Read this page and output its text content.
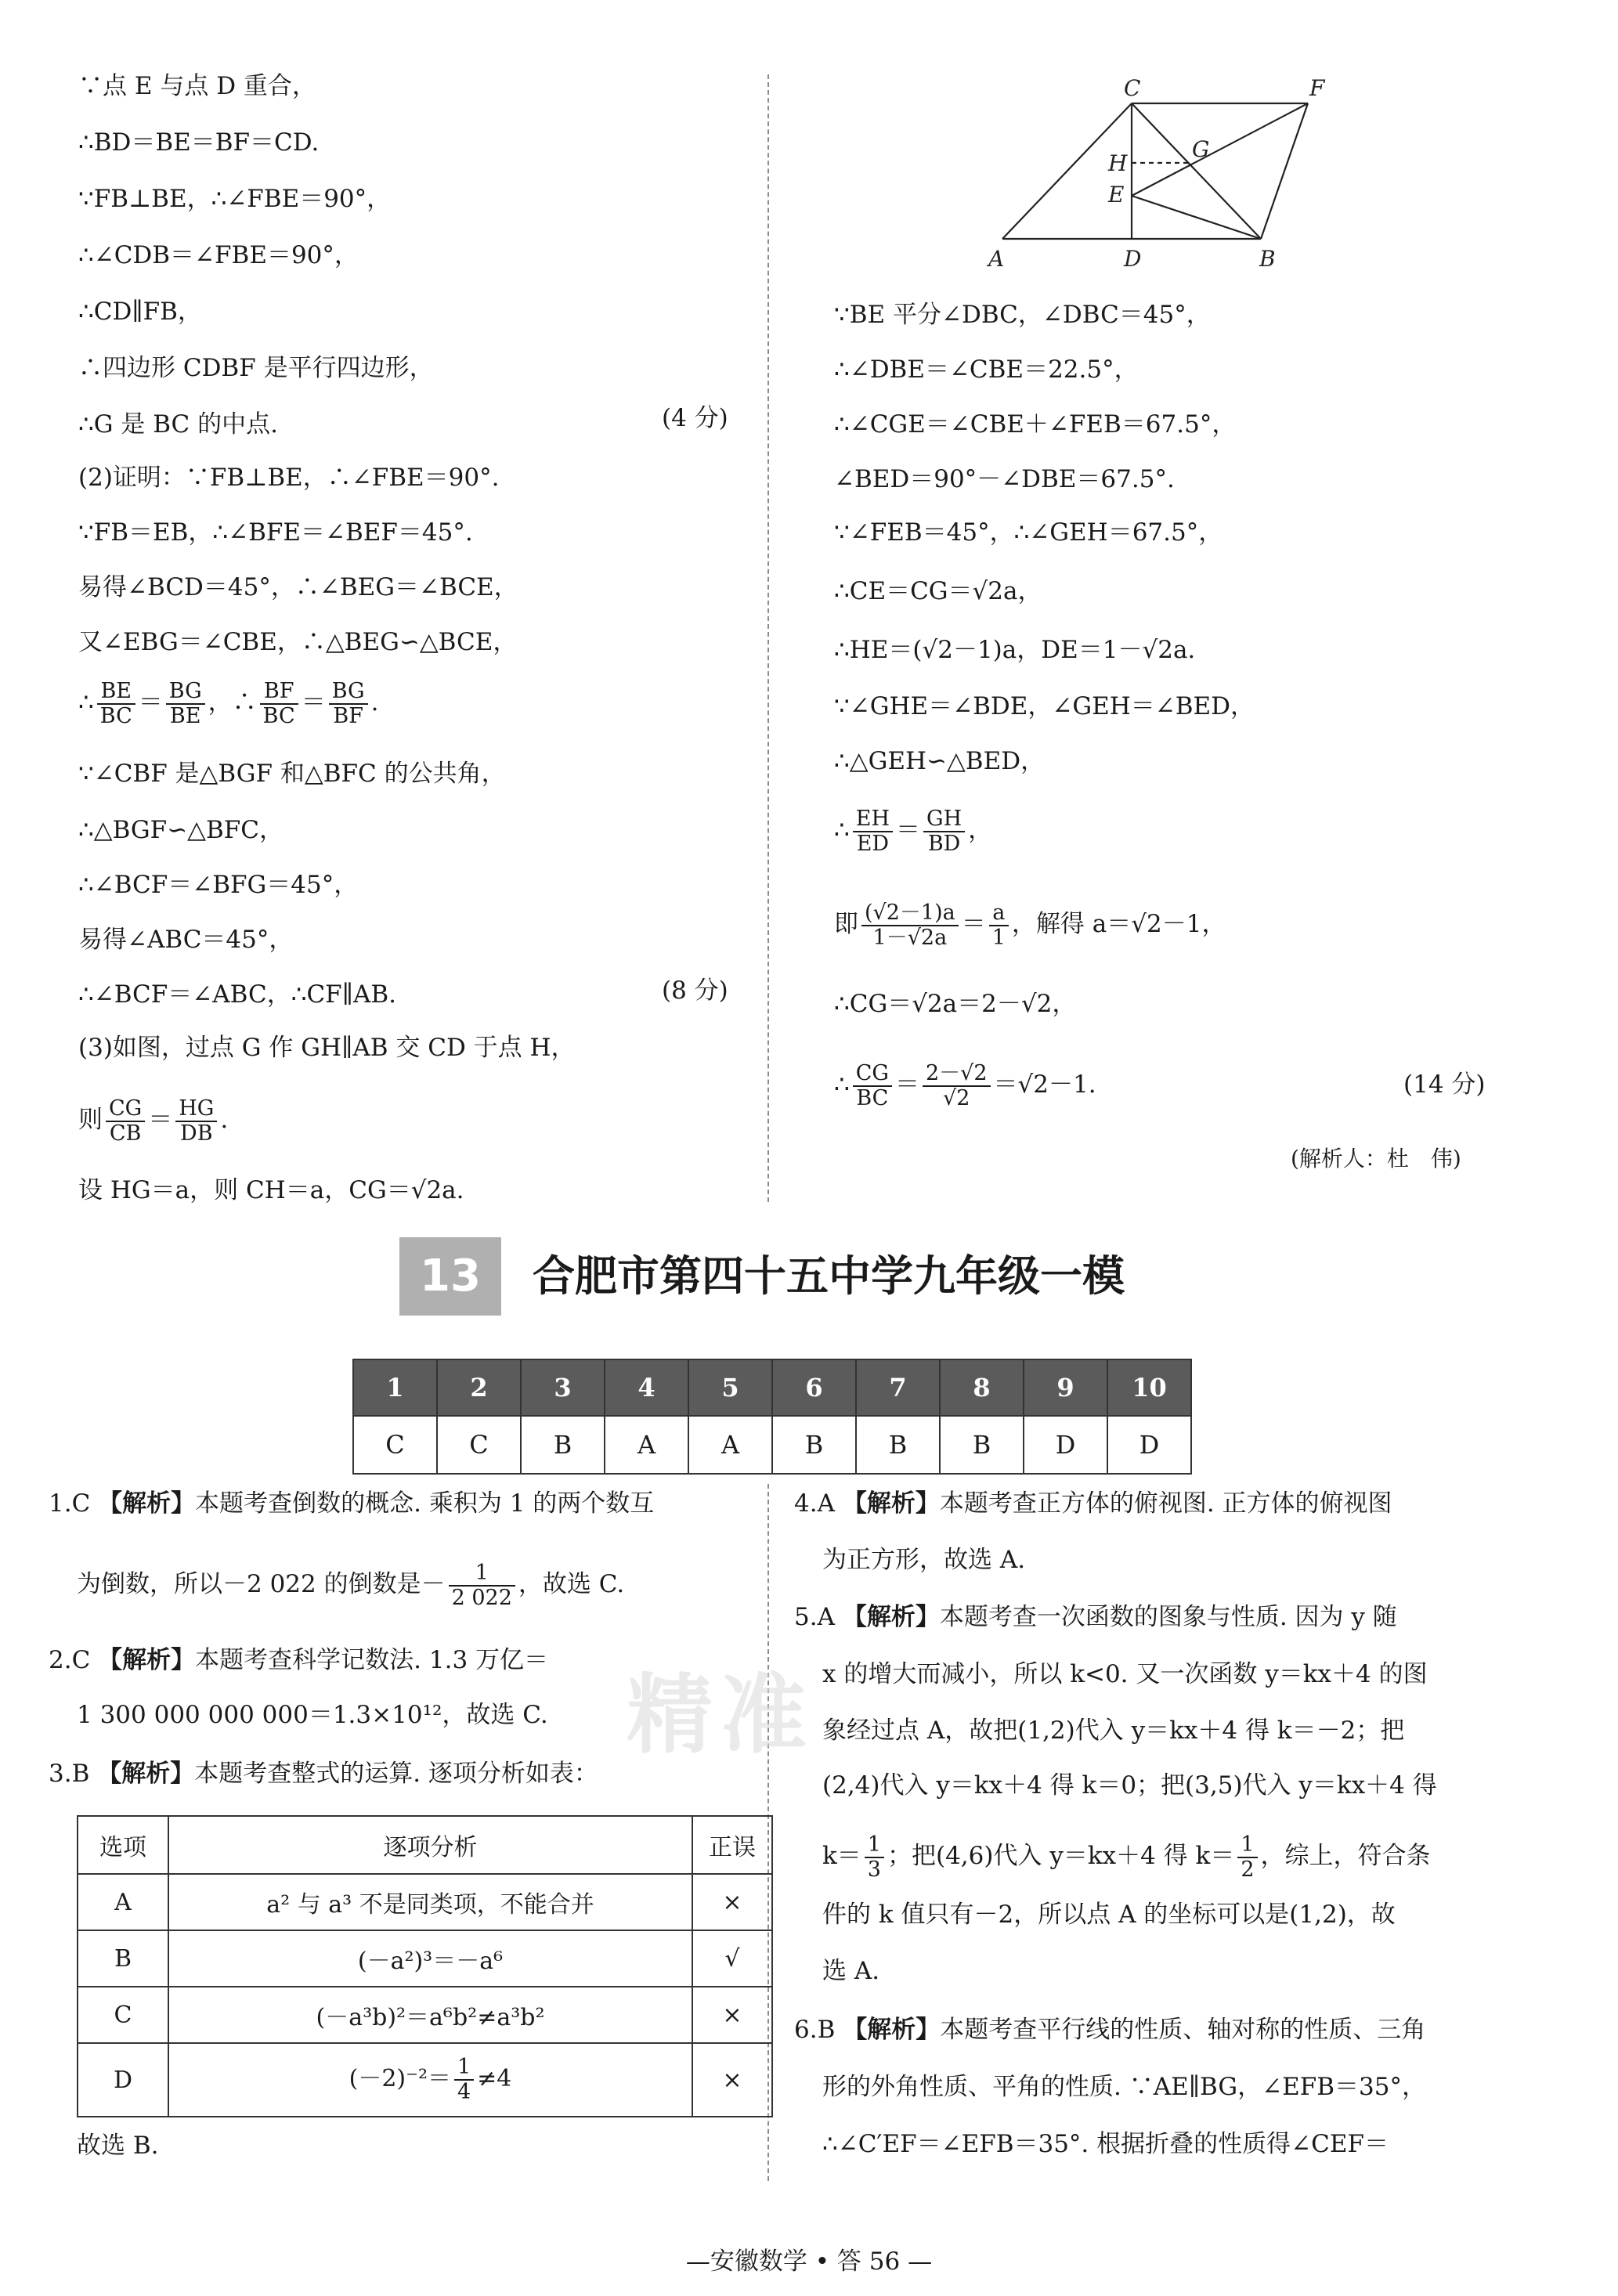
∵点 E 与点 D 重合，
∴BD＝BE＝BF＝CD.
∵FB⊥BE，∴∠FBE＝90°，
∴∠CDB＝∠FBE＝90°，
∴CD∥FB，
∴四边形 CDBF 是平行四边形，
∴G 是 BC 的中点.	(4 分)
(2)证明：∵FB⊥BE，∴∠FBE＝90°.
∵FB＝EB，∴∠BFE＝∠BEF＝45°.
易得∠BCD＝45°，∴∠BEG＝∠BCE，
又∠EBG＝∠CBE，∴△BEG∽△BCE，
∴ $\frac{BE}{BC} = \frac{BG}{BE}$ ，∴ $\frac{BF}{BC} = \frac{BG}{BF}$ .
∵∠CBF 是△BGF 和△BFC 的公共角，
∴△BGF∽△BFC，
∴∠BCF＝∠BFG＝45°，
易得∠ABC＝45°，
∴∠BCF＝∠ABC，∴CF∥AB.	(8 分)
(3)如图，过点 G 作 GH∥AB 交 CD 于点 H，
则 $\frac{CG}{CB} = \frac{HG}{DB}$ .
设 HG＝a，则 CH＝a，CG＝√2a.
C	F
G
H
E
A	D	B
∵BE 平分∠DBC，∠DBC＝45°，
∴∠DBE＝∠CBE＝22.5°，
∴∠CGE＝∠CBE＋∠FEB＝67.5°，
∠BED＝90°－∠DBE＝67.5°.
∵∠FEB＝45°，∴∠GEH＝67.5°，
∴CE＝CG＝√2a，
∴HE＝(√2－1)a，DE＝1－√2a.
∵∠GHE＝∠BDE，∠GEH＝∠BED，
∴△GEH∽△BED，
∴ $\frac{EH}{ED} = \frac{GH}{BD}$ ，
即 $\frac{(√2-1)a}{1-√2a} = \frac{a}{1}$ ，解得 a＝√2－1，
∴CG＝√2a＝2－√2，
∴ $\frac{CG}{BC} = \frac{2-√2}{√2} =√2-1$.	(14 分)
(解析人：杜　伟)
13	合肥市第四十五中学九年级一模
1	2	3	4	5	6	7	8	9	10
C	C	B	A	A	B	B	B	D	D
1.C 【解析】本题考查倒数的概念. 乘积为 1 的两个数互
为倒数，所以－2 022 的倒数是－ $\frac{1}{2 022}$ ，故选 C.
2.C 【解析】本题考查科学记数法. 1.3 万亿＝
1 300 000 000 000＝1.3×10¹²，故选 C.
3.B 【解析】本题考查整式的运算. 逐项分析如表：
选项	逐项分析	正误
A	a² 与 a³ 不是同类项，不能合并	×
B	(－a²)³＝－a⁶	√
C	(－a³b)²＝a⁶b²≠a³b²	×
D	$(-2)^{-2}= \frac{1}{4} \ne 4$	×
故选 B.
4.A 【解析】本题考查正方体的俯视图. 正方体的俯视图
为正方形，故选 A.
5.A 【解析】本题考查一次函数的图象与性质. 因为 y 随
x 的增大而减小，所以 k<0. 又一次函数 y＝kx＋4 的图
象经过点 A，故把(1,2)代入 y＝kx＋4 得 k＝－2；把
(2,4)代入 y＝kx＋4 得 k＝0；把(3,5)代入 y＝kx＋4 得
$k= \frac{1}{3}$ ；把(4,6)代入 y＝kx＋4 得 $k= \frac{1}{2}$ ，综上，符合条
件的 k 值只有－2，所以点 A 的坐标可以是(1,2)，故
选 A.
6.B 【解析】本题考查平行线的性质、轴对称的性质、三角
形的外角性质、平角的性质. ∵AE∥BG，∠EFB＝35°，
∴∠C′EF＝∠EFB＝35°. 根据折叠的性质得∠CEF＝
精准
—安徽数学 • 答 56 —
